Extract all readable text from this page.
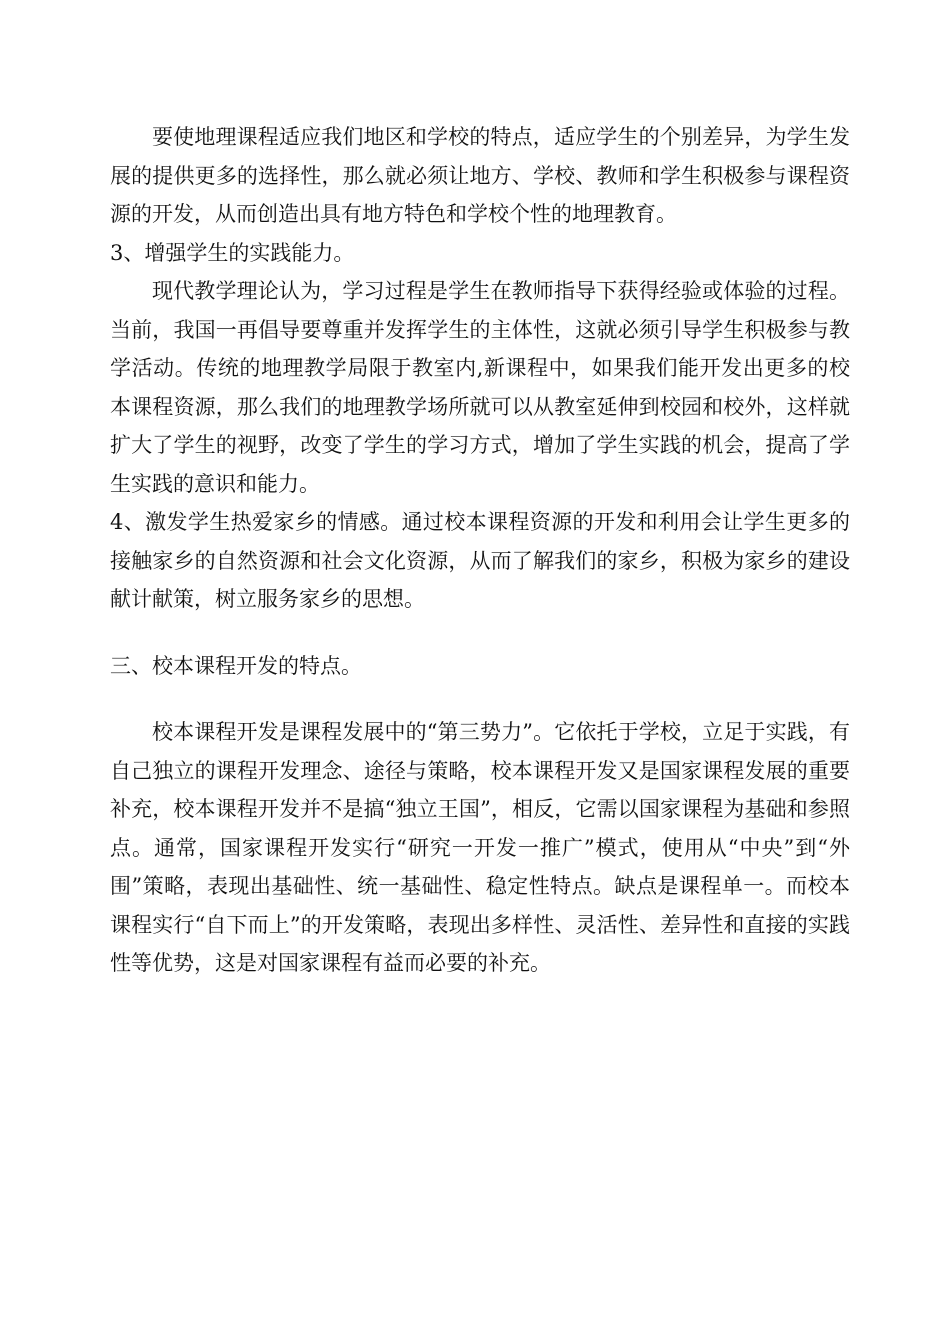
要使地理课程适应我们地区和学校的特点，适应学生的个别差异，为学生发展的提供更多的选择性，那么就必须让地方、学校、教师和学生积极参与课程资源的开发，从而创造出具有地方特色和学校个性的地理教育。

3、增强学生的实践能力。

现代教学理论认为，学习过程是学生在教师指导下获得经验或体验的过程。当前，我国一再倡导要尊重并发挥学生的主体性，这就必须引导学生积极参与教学活动。传统的地理教学局限于教室内,新课程中，如果我们能开发出更多的校本课程资源，那么我们的地理教学场所就可以从教室延伸到校园和校外，这样就扩大了学生的视野，改变了学生的学习方式，增加了学生实践的机会，提高了学生实践的意识和能力。

4、激发学生热爱家乡的情感。通过校本课程资源的开发和利用会让学生更多的接触家乡的自然资源和社会文化资源，从而了解我们的家乡，积极为家乡的建设献计献策，树立服务家乡的思想。

三、校本课程开发的特点。

校本课程开发是课程发展中的“第三势力”。它依托于学校，立足于实践，有自己独立的课程开发理念、途径与策略，校本课程开发又是国家课程发展的重要补充，校本课程开发并不是搞“独立王国”，相反，它需以国家课程为基础和参照点。通常，国家课程开发实行“研究一开发一推广”模式，使用从“中央”到“外围”策略，表现出基础性、统一基础性、稳定性特点。缺点是课程单一。而校本课程实行“自下而上”的开发策略，表现出多样性、灵活性、差异性和直接的实践性等优势，这是对国家课程有益而必要的补充。
